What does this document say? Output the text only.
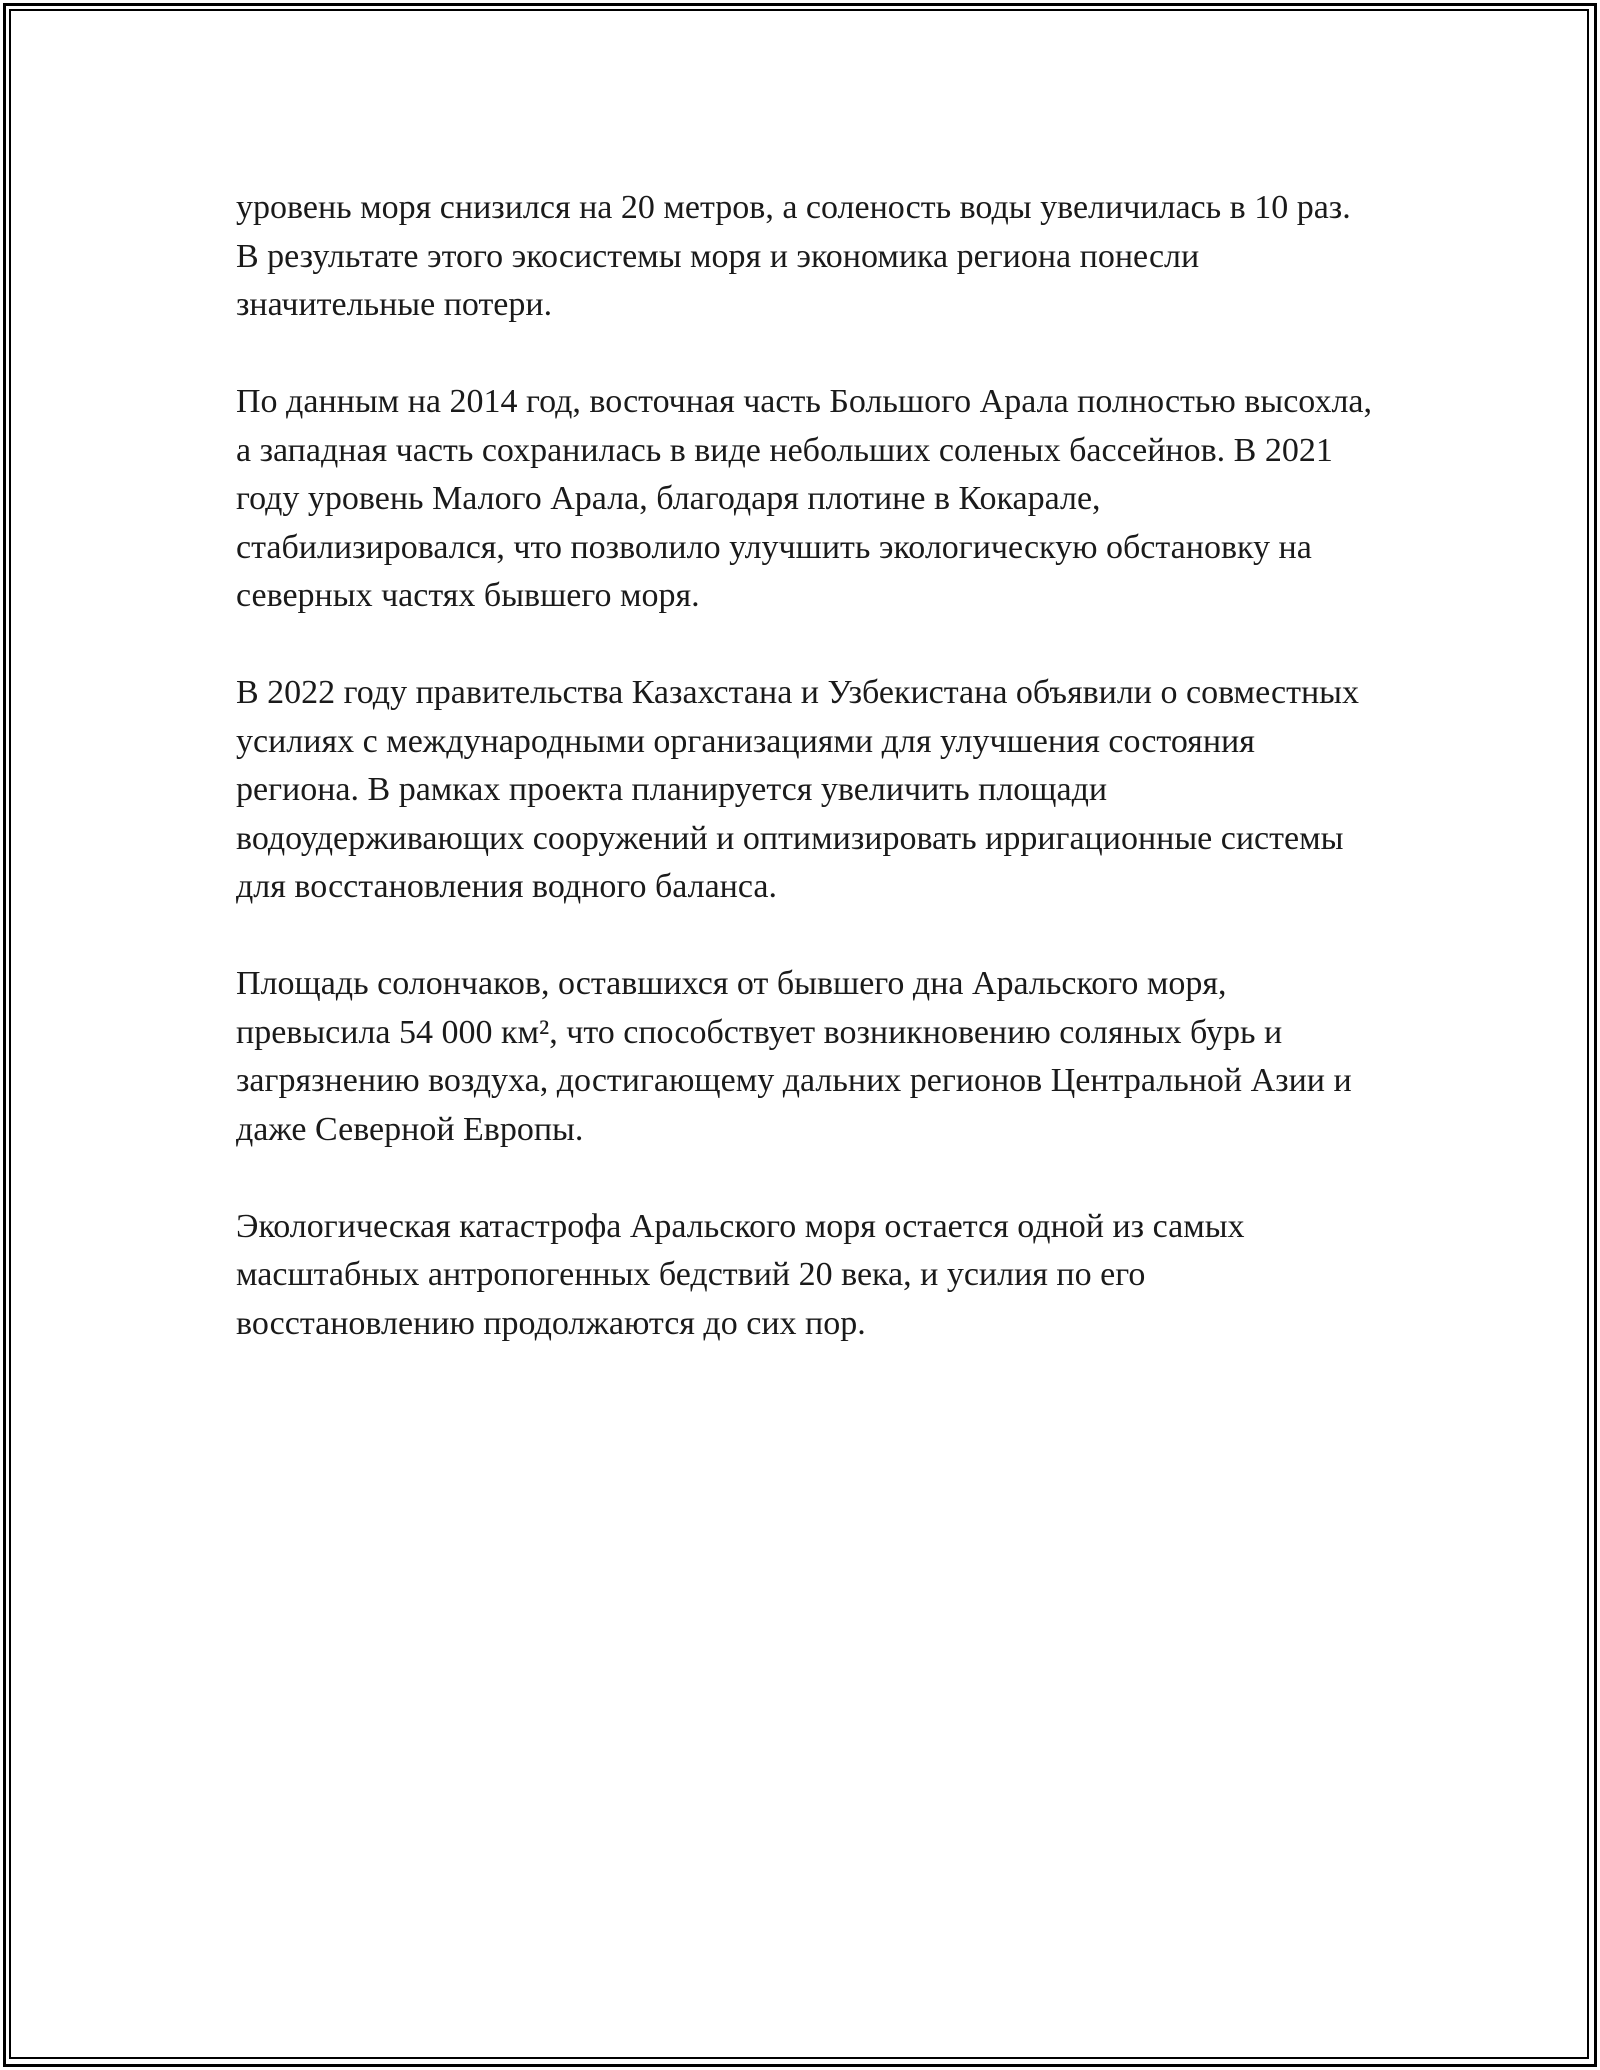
уровень моря снизился на 20 метров, а соленость воды увеличилась в 10 раз. В результате этого экосистемы моря и экономика региона понесли значительные потери.

По данным на 2014 год, восточная часть Большого Арала полностью высохла, а западная часть сохранилась в виде небольших соленых бассейнов. В 2021 году уровень Малого Арала, благодаря плотине в Кокарале, стабилизировался, что позволило улучшить экологическую обстановку на северных частях бывшего моря.

В 2022 году правительства Казахстана и Узбекистана объявили о совместных усилиях с международными организациями для улучшения состояния региона. В рамках проекта планируется увеличить площади водоудерживающих сооружений и оптимизировать ирригационные системы для восстановления водного баланса.

Площадь солончаков, оставшихся от бывшего дна Аральского моря, превысила 54 000 км², что способствует возникновению соляных бурь и загрязнению воздуха, достигающему дальних регионов Центральной Азии и даже Северной Европы.

Экологическая катастрофа Аральского моря остается одной из самых масштабных антропогенных бедствий 20 века, и усилия по его восстановлению продолжаются до сих пор.
